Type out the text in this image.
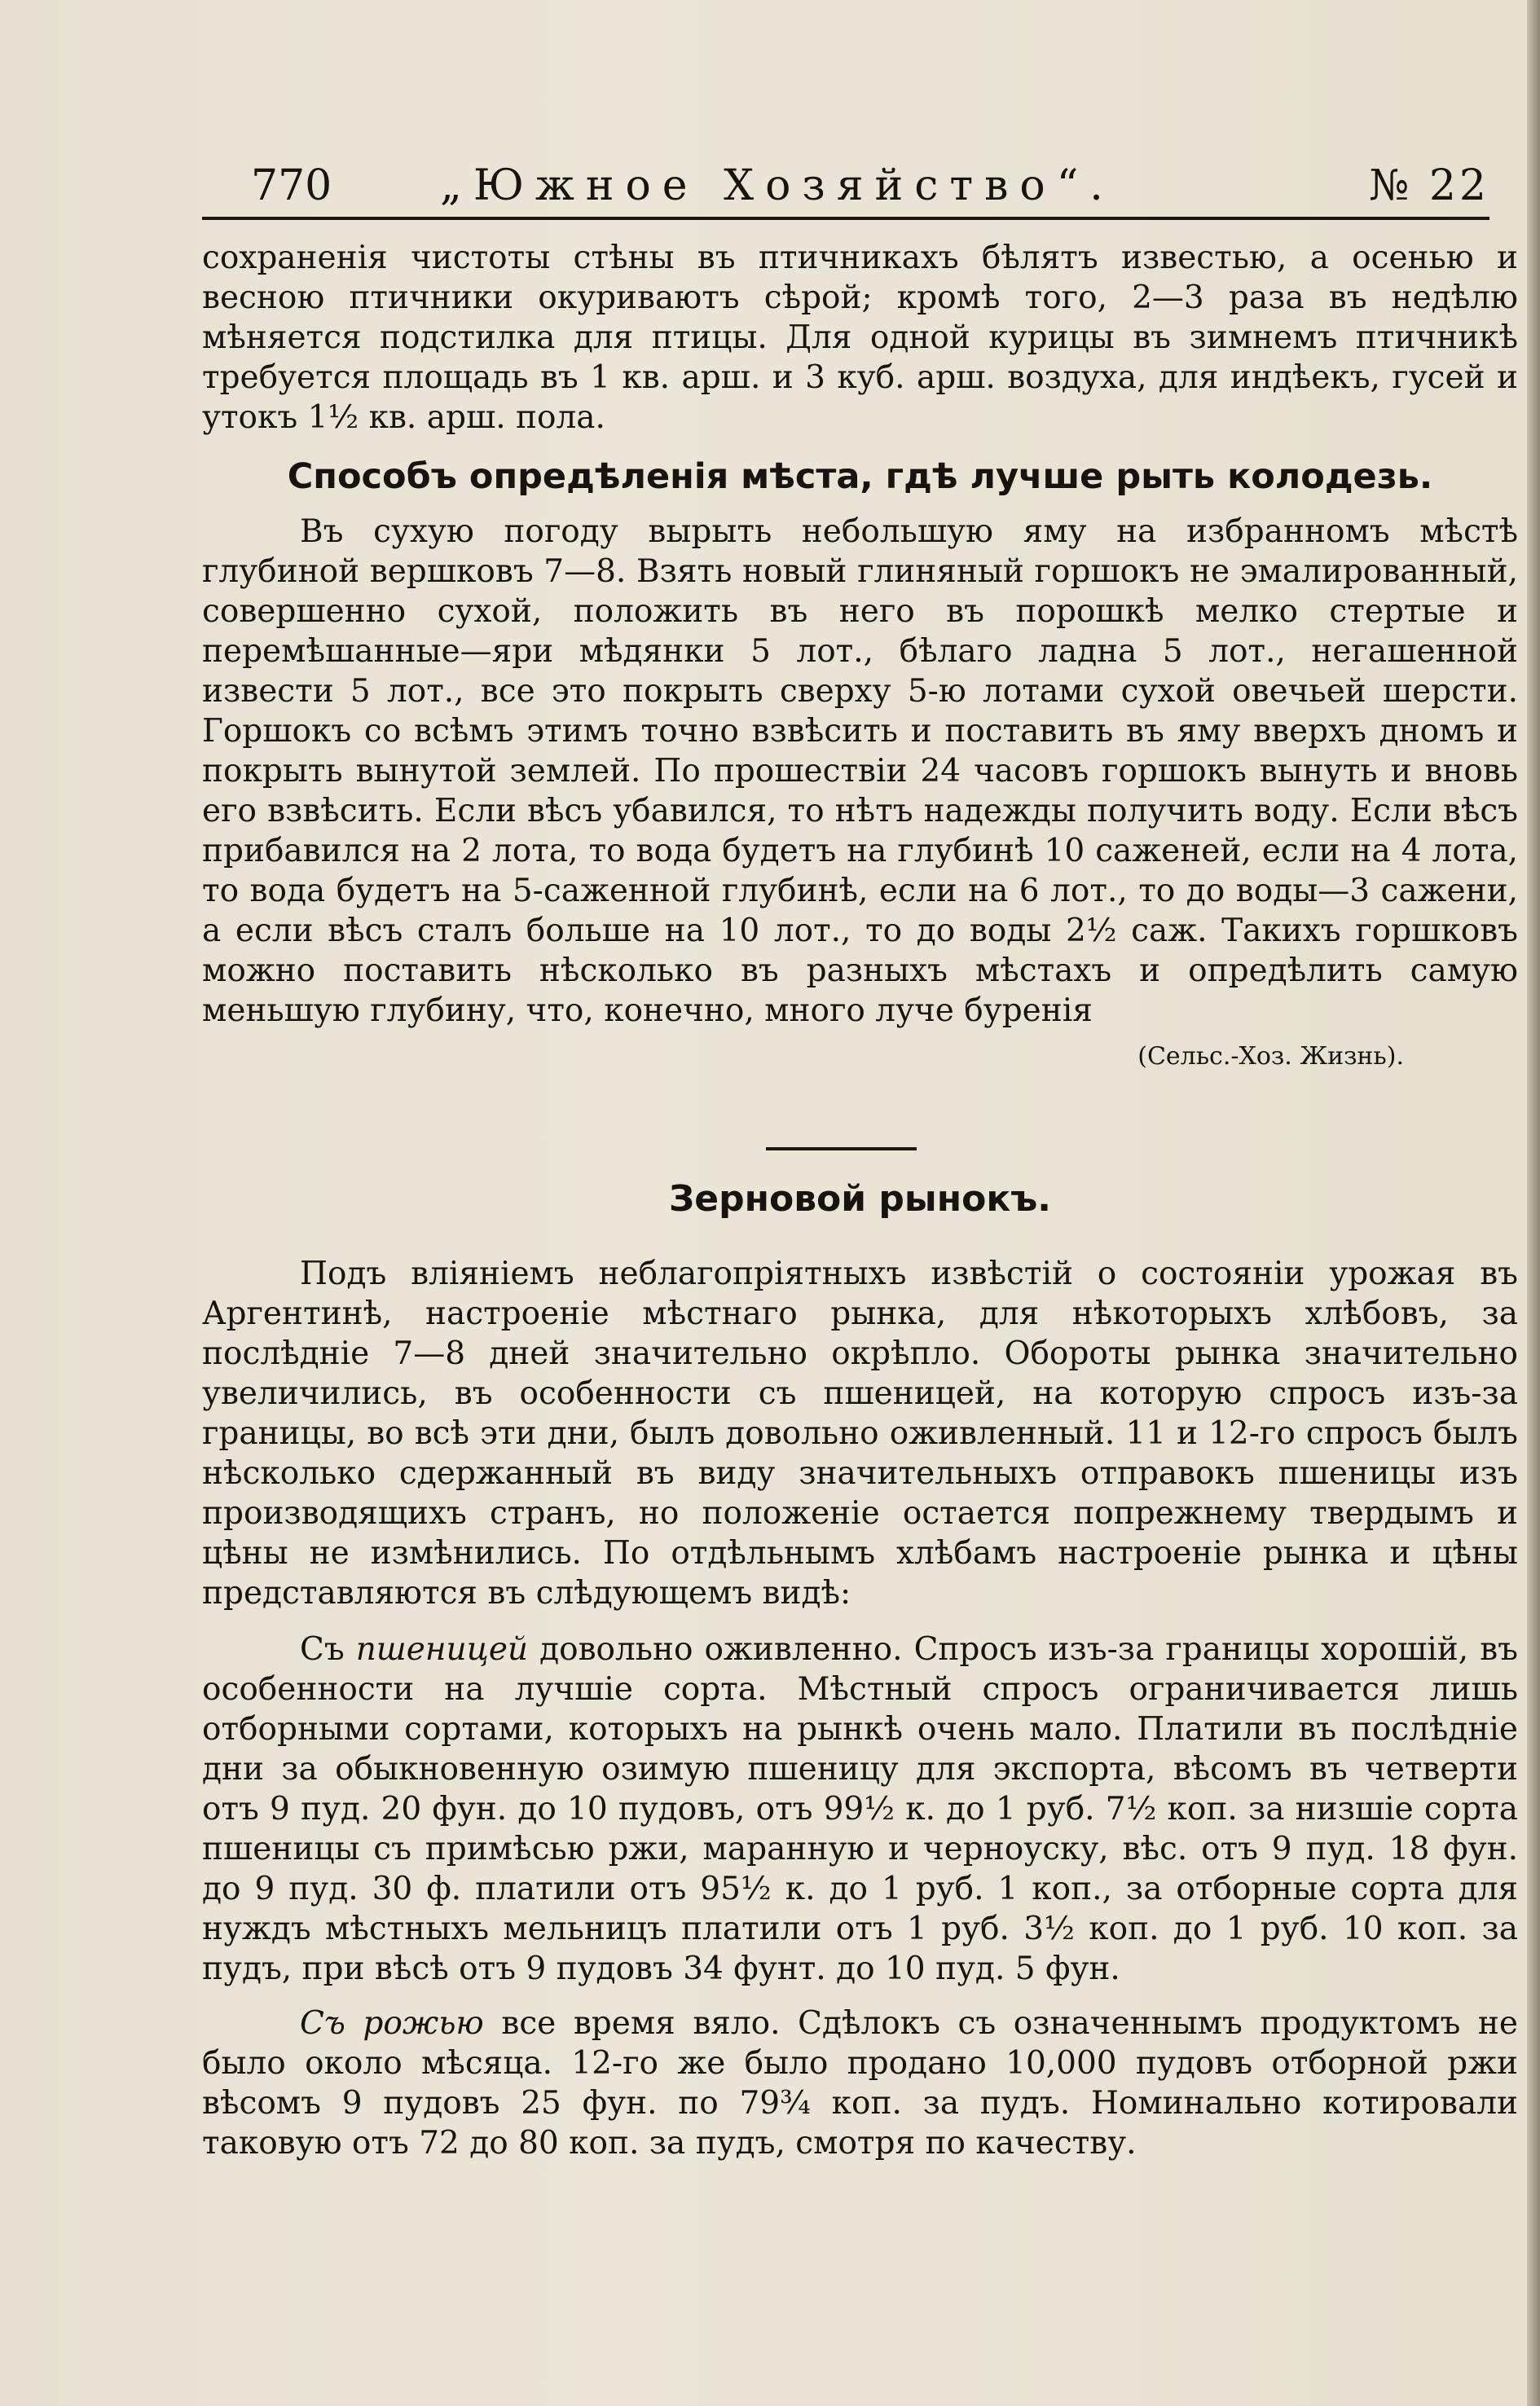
770	„Южное Хозяйство“.	№ 22

сохраненія чистоты стѣны въ птичникахъ бѣлятъ известью, а осенью и весною птичники окуриваютъ сѣрой; кромѣ того, 2—3 раза въ недѣлю мѣняется подстилка для птицы. Для одной курицы въ зимнемъ птичникѣ требуется площадь въ 1 кв. арш. и 3 куб. арш. воздуха, для индѣекъ, гусей и утокъ 1½ кв. арш. пола.

Способъ опредѣленія мѣста, гдѣ лучше рыть колодезь.

Въ сухую погоду вырыть небольшую яму на избранномъ мѣстѣ глубиной вершковъ 7—8. Взять новый глиняный горшокъ не эмалированный, совершенно сухой, положить въ него въ порошкѣ мелко стертые и перемѣшанные—яри мѣдянки 5 лот., бѣлаго ладна 5 лот., негашенной извести 5 лот., все это покрыть сверху 5-ю лотами сухой овечьей шерсти. Горшокъ со всѣмъ этимъ точно взвѣсить и поставить въ яму вверхъ дномъ и покрыть вынутой землей. По прошествіи 24 часовъ горшокъ вынуть и вновь его взвѣсить. Если вѣсъ убавился, то нѣтъ надежды получить воду. Если вѣсъ прибавился на 2 лота, то вода будетъ на глубинѣ 10 саженей, если на 4 лота, то вода будетъ на 5-саженной глубинѣ, если на 6 лот., то до воды—3 сажени, а если вѣсъ сталъ больше на 10 лот., то до воды 2½ саж. Такихъ горшковъ можно поставить нѣсколько въ разныхъ мѣстахъ и опредѣлить самую меньшую глубину, что, конечно, много луче буренія

(Сельс.-Хоз. Жизнь).

Зерновой рынокъ.

Подъ вліяніемъ неблагопріятныхъ извѣстій о состояніи урожая въ Аргентинѣ, настроеніе мѣстнаго рынка, для нѣкоторыхъ хлѣбовъ, за послѣдніе 7—8 дней значительно окрѣпло. Обороты рынка значительно увеличились, въ особенности съ пшеницей, на которую спросъ изъ-за границы, во всѣ эти дни, былъ довольно оживленный. 11 и 12-го спросъ былъ нѣсколько сдержанный въ виду значительныхъ отправокъ пшеницы изъ производящихъ странъ, но положеніе остается попрежнему твердымъ и цѣны не измѣнились. По отдѣльнымъ хлѣбамъ настроеніе рынка и цѣны представляются въ слѣдующемъ видѣ:

Съ пшеницей довольно оживленно. Спросъ изъ-за границы хорошій, въ особенности на лучшіе сорта. Мѣстный спросъ ограничивается лишь отборными сортами, которыхъ на рынкѣ очень мало. Платили въ послѣдніе дни за обыкновенную озимую пшеницу для экспорта, вѣсомъ въ четверти отъ 9 пуд. 20 фун. до 10 пудовъ, отъ 99½ к. до 1 руб. 7½ коп. за низшіе сорта пшеницы съ примѣсью ржи, маранную и черноуску, вѣс. отъ 9 пуд. 18 фун. до 9 пуд. 30 ф. платили отъ 95½ к. до 1 руб. 1 коп., за отборные сорта для нуждъ мѣстныхъ мельницъ платили отъ 1 руб. 3½ коп. до 1 руб. 10 коп. за пудъ, при вѣсѣ отъ 9 пудовъ 34 фунт. до 10 пуд. 5 фун.

Съ рожью все время вяло. Сдѣлокъ съ означеннымъ продуктомъ не было около мѣсяца. 12-го же было продано 10,000 пудовъ отборной ржи вѣсомъ 9 пудовъ 25 фун. по 79¾ коп. за пудъ. Номинально котировали таковую отъ 72 до 80 коп. за пудъ, смотря по качеству.
